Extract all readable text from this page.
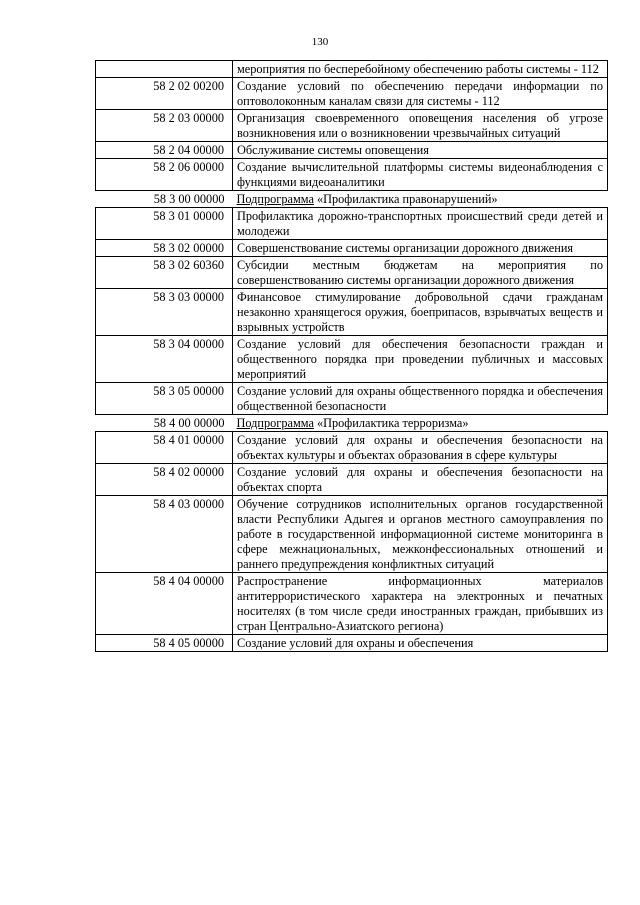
130
	мероприятия по бесперебойному обеспечению работы системы - 112
58 2 02 00200	Создание условий по обеспечению передачи информации по оптоволоконным каналам связи для системы - 112
58 2 03 00000	Организация своевременного оповещения населения об угрозе возникновения или о возникновении чрезвычайных ситуаций
58 2 04 00000	Обслуживание системы оповещения
58 2 06 00000	Создание вычислительной платформы системы видеонаблюдения с функциями видеоаналитики
58 3 00 00000	Подпрограмма «Профилактика правонарушений»
58 3 01 00000	Профилактика дорожно-транспортных происшествий среди детей и молодежи
58 3 02 00000	Совершенствование системы организации дорожного движения
58 3 02 60360	Субсидии местным бюджетам на мероприятия по совершенствованию системы организации дорожного движения
58 3 03 00000	Финансовое стимулирование добровольной сдачи гражданам незаконно хранящегося оружия, боеприпасов, взрывчатых веществ и взрывных устройств
58 3 04 00000	Создание условий для обеспечения безопасности граждан и общественного порядка при проведении публичных и массовых мероприятий
58 3 05 00000	Создание условий для охраны общественного порядка и обеспечения общественной безопасности
58 4 00 00000	Подпрограмма «Профилактика терроризма»
58 4 01 00000	Создание условий для охраны и обеспечения безопасности на объектах культуры и объектах образования в сфере культуры
58 4 02 00000	Создание условий для охраны и обеспечения безопасности на объектах спорта
58 4 03 00000	Обучение сотрудников исполнительных органов государственной власти Республики Адыгея и органов местного самоуправления по работе в государственной информационной системе мониторинга в сфере межнациональных, межконфессиональных отношений и раннего предупреждения конфликтных ситуаций
58 4 04 00000	Распространение информационных материалов антитеррористического характера на электронных и печатных носителях (в том числе среди иностранных граждан, прибывших из стран Центрально-Азиатского региона)
58 4 05 00000	Создание условий для охраны и обеспечения
